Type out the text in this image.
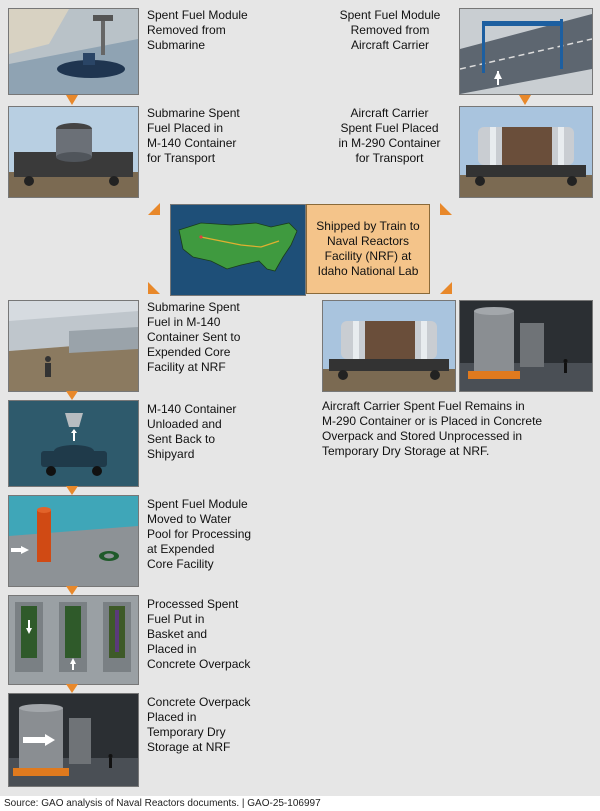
Spent Fuel Module
Removed from
Submarine
Spent Fuel Module
Removed from
Aircraft Carrier
Submarine Spent
Fuel Placed in
M-140 Container
for Transport
Aircraft Carrier
Spent Fuel Placed
in M-290 Container
for Transport
Shipped by Train to
Naval Reactors
Facility (NRF) at
Idaho National Lab
Submarine Spent
Fuel in M-140
Container Sent to
Expended Core
Facility at NRF
Aircraft Carrier Spent Fuel Remains in
M-290 Container or is Placed in Concrete
Overpack and Stored Unprocessed in
Temporary Dry Storage at NRF.
M-140 Container
Unloaded and
Sent Back to
Shipyard
Spent Fuel Module
Moved to Water
Pool for Processing
at Expended
Core Facility
Processed Spent
Fuel Put in
Basket and
Placed in
Concrete Overpack
Concrete Overpack
Placed in
Temporary Dry
Storage at NRF
Source: GAO analysis of Naval Reactors documents. | GAO-25-106997
